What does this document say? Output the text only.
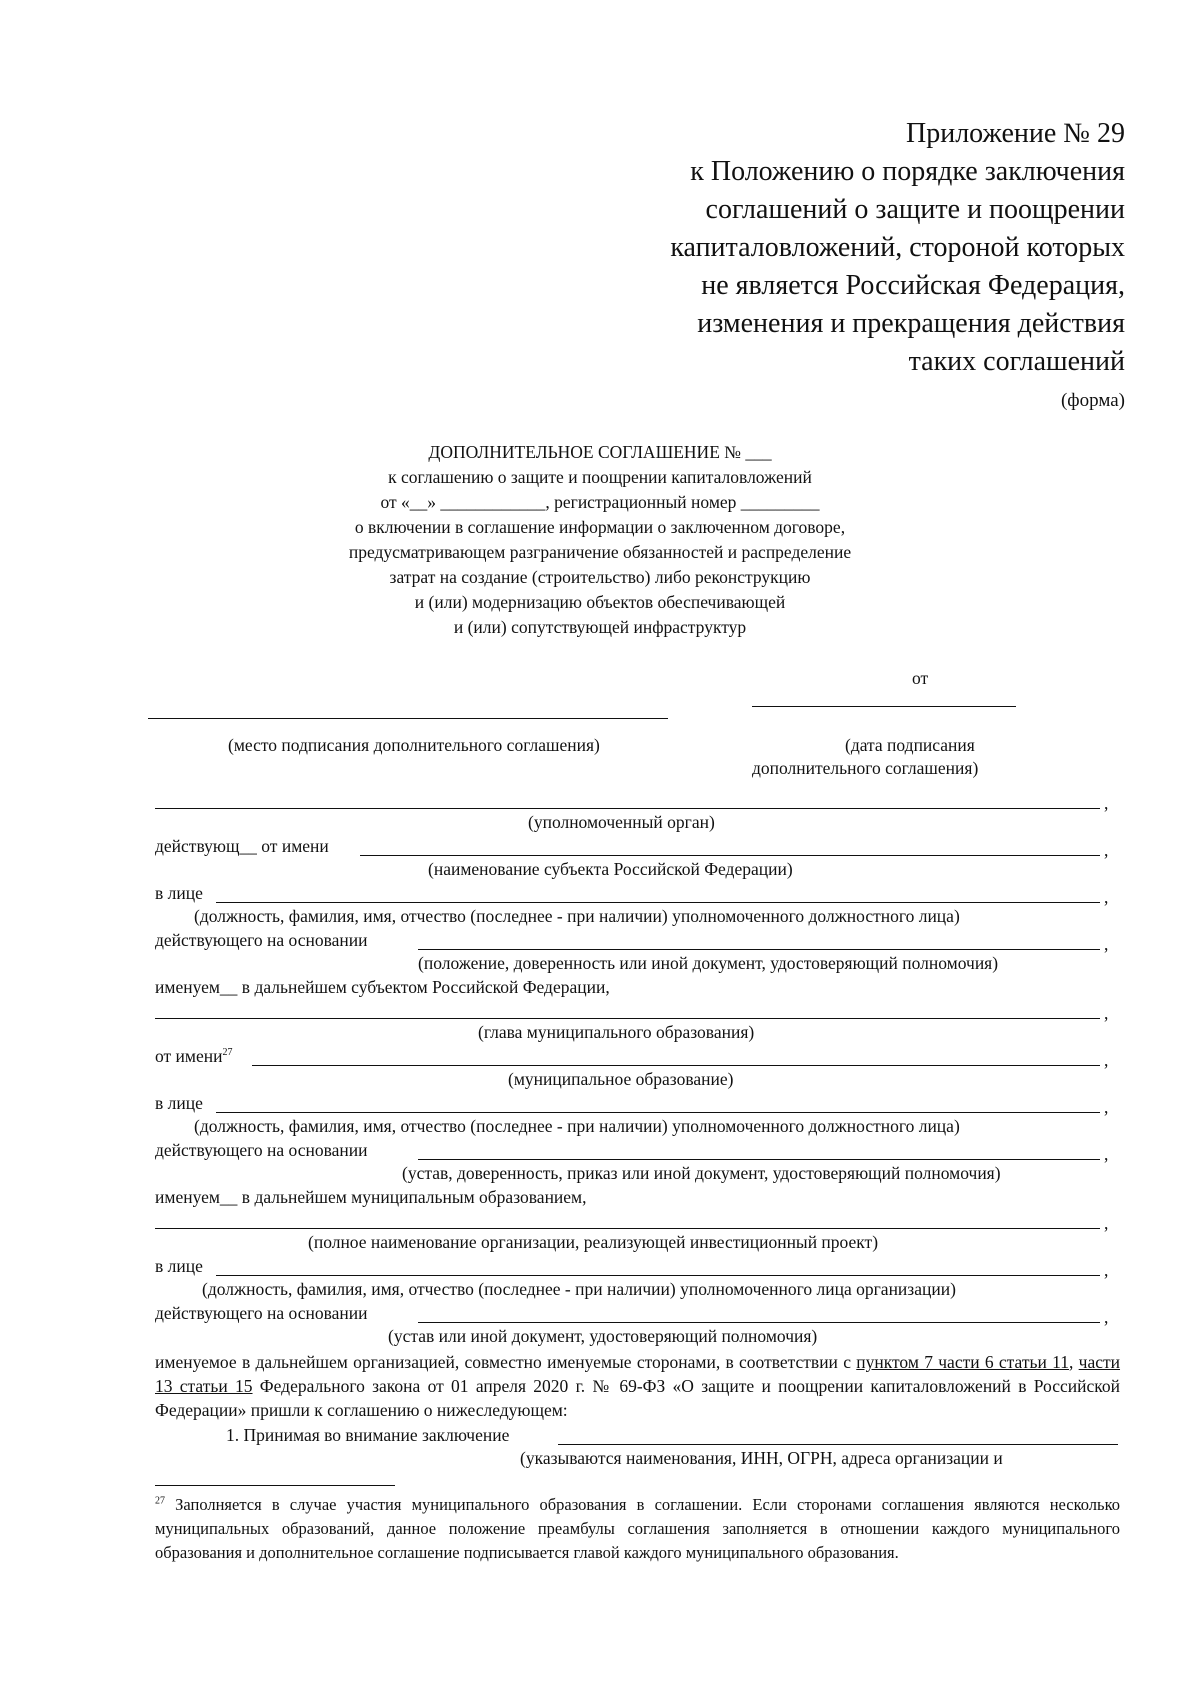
Приложение № 29
к Положению о порядке заключения
соглашений о защите и поощрении
капиталовложений, стороной которых
не является Российская Федерация,
изменения и прекращения действия
таких соглашений
(форма)
ДОПОЛНИТЕЛЬНОЕ СОГЛАШЕНИЕ № ___
к соглашению о защите и поощрении капиталовложений
от «__» ____________, регистрационный номер _________
о включении в соглашение информации о заключенном договоре,
предусматривающем разграничение обязанностей и распределение
затрат на создание (строительство) либо реконструкцию
и (или) модернизацию объектов обеспечивающей
и (или) сопутствующей инфраструктур
от
(место подписания дополнительного соглашения)	(дата подписания
дополнительного соглашения)
,
(уполномоченный орган)
действующ__ от имени	,
(наименование субъекта Российской Федерации)
в лице	,
(должность, фамилия, имя, отчество (последнее - при наличии) уполномоченного должностного лица)
действующего на основании	,
(положение, доверенность или иной документ, удостоверяющий полномочия)
именуем__ в дальнейшем субъектом Российской Федерации,
,
(глава муниципального образования)
от имени$^{27}$	,
(муниципальное образование)
в лице	,
(должность, фамилия, имя, отчество (последнее - при наличии) уполномоченного должностного лица)
действующего на основании	,
(устав, доверенность, приказ или иной документ, удостоверяющий полномочия)
именуем__ в дальнейшем муниципальным образованием,
,
(полное наименование организации, реализующей инвестиционный проект)
в лице	,
(должность, фамилия, имя, отчество (последнее - при наличии) уполномоченного лица организации)
действующего на основании	,
(устав или иной документ, удостоверяющий полномочия)
именуемое в дальнейшем организацией, совместно именуемые сторонами, в соответствии с пунктом 7 части 6 статьи 11, части 13 статьи 15 Федерального закона от 01 апреля 2020 г. № 69-ФЗ «О защите и поощрении капиталовложений в Российской Федерации» пришли к соглашению о нижеследующем:
1. Принимая во внимание заключение
(указываются наименования, ИНН, ОГРН, адреса организации и
$^{27}$ Заполняется в случае участия муниципального образования в соглашении. Если сторонами соглашения являются несколько муниципальных образований, данное положение преамбулы соглашения заполняется в отношении каждого муниципального образования и дополнительное соглашение подписывается главой каждого муниципального образования.
